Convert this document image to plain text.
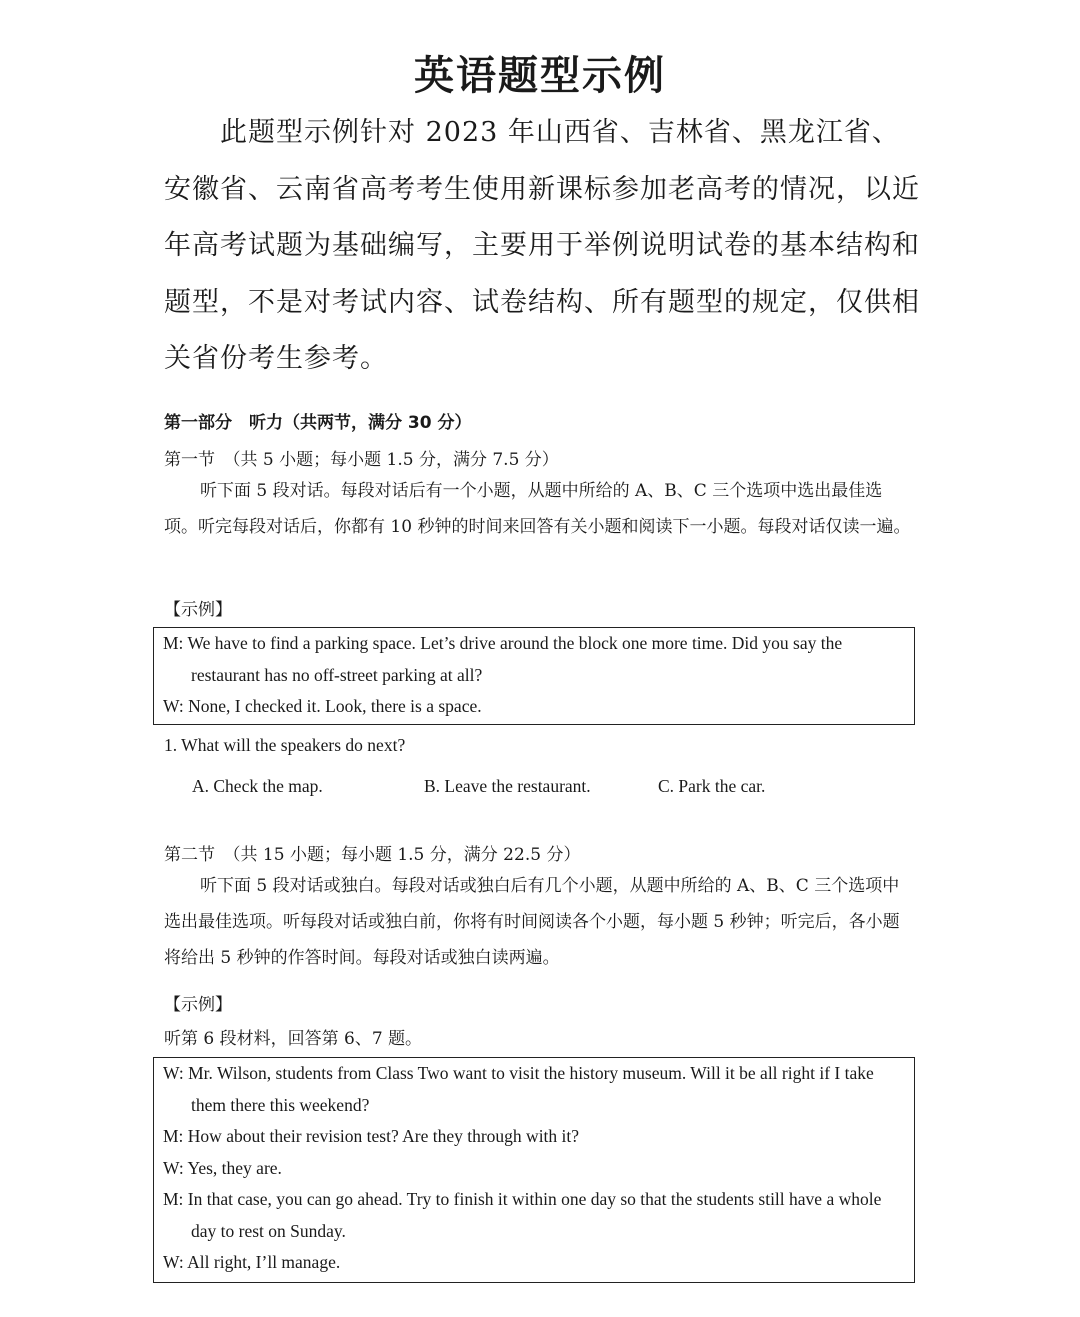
英语题型示例

此题型示例针对 2023 年山西省、吉林省、黑龙江省、安徽省、云南省高考考生使用新课标参加老高考的情况，以近年高考试题为基础编写，主要用于举例说明试卷的基本结构和题型，不是对考试内容、试卷结构、所有题型的规定，仅供相关省份考生参考。

第一部分　听力（共两节，满分 30 分）
第一节　（共 5 小题；每小题 1.5 分，满分 7.5 分）

听下面 5 段对话。每段对话后有一个小题，从题中所给的 A、B、C 三个选项中选出最佳选项。听完每段对话后，你都有 10 秒钟的时间来回答有关小题和阅读下一小题。每段对话仅读一遍。

【示例】

M: We have to find a parking space. Let’s drive around the block one more time. Did you say the restaurant has no off-street parking at all?

W: None, I checked it. Look, there is a space.

1. What will the speakers do next?
A. Check the map.	B. Leave the restaurant.	C. Park the car.
第二节　（共 15 小题；每小题 1.5 分，满分 22.5 分）

听下面 5 段对话或独白。每段对话或独白后有几个小题，从题中所给的 A、B、C 三个选项中选出最佳选项。听每段对话或独白前，你将有时间阅读各个小题，每小题 5 秒钟；听完后，各小题将给出 5 秒钟的作答时间。每段对话或独白读两遍。

【示例】
听第 6 段材料，回答第 6、7 题。

W: Mr. Wilson, students from Class Two want to visit the history museum. Will it be all right if I take them there this weekend?

M: How about their revision test? Are they through with it?

W: Yes, they are.

M: In that case, you can go ahead. Try to finish it within one day so that the students still have a whole day to rest on Sunday.

W: All right, I’ll manage.
